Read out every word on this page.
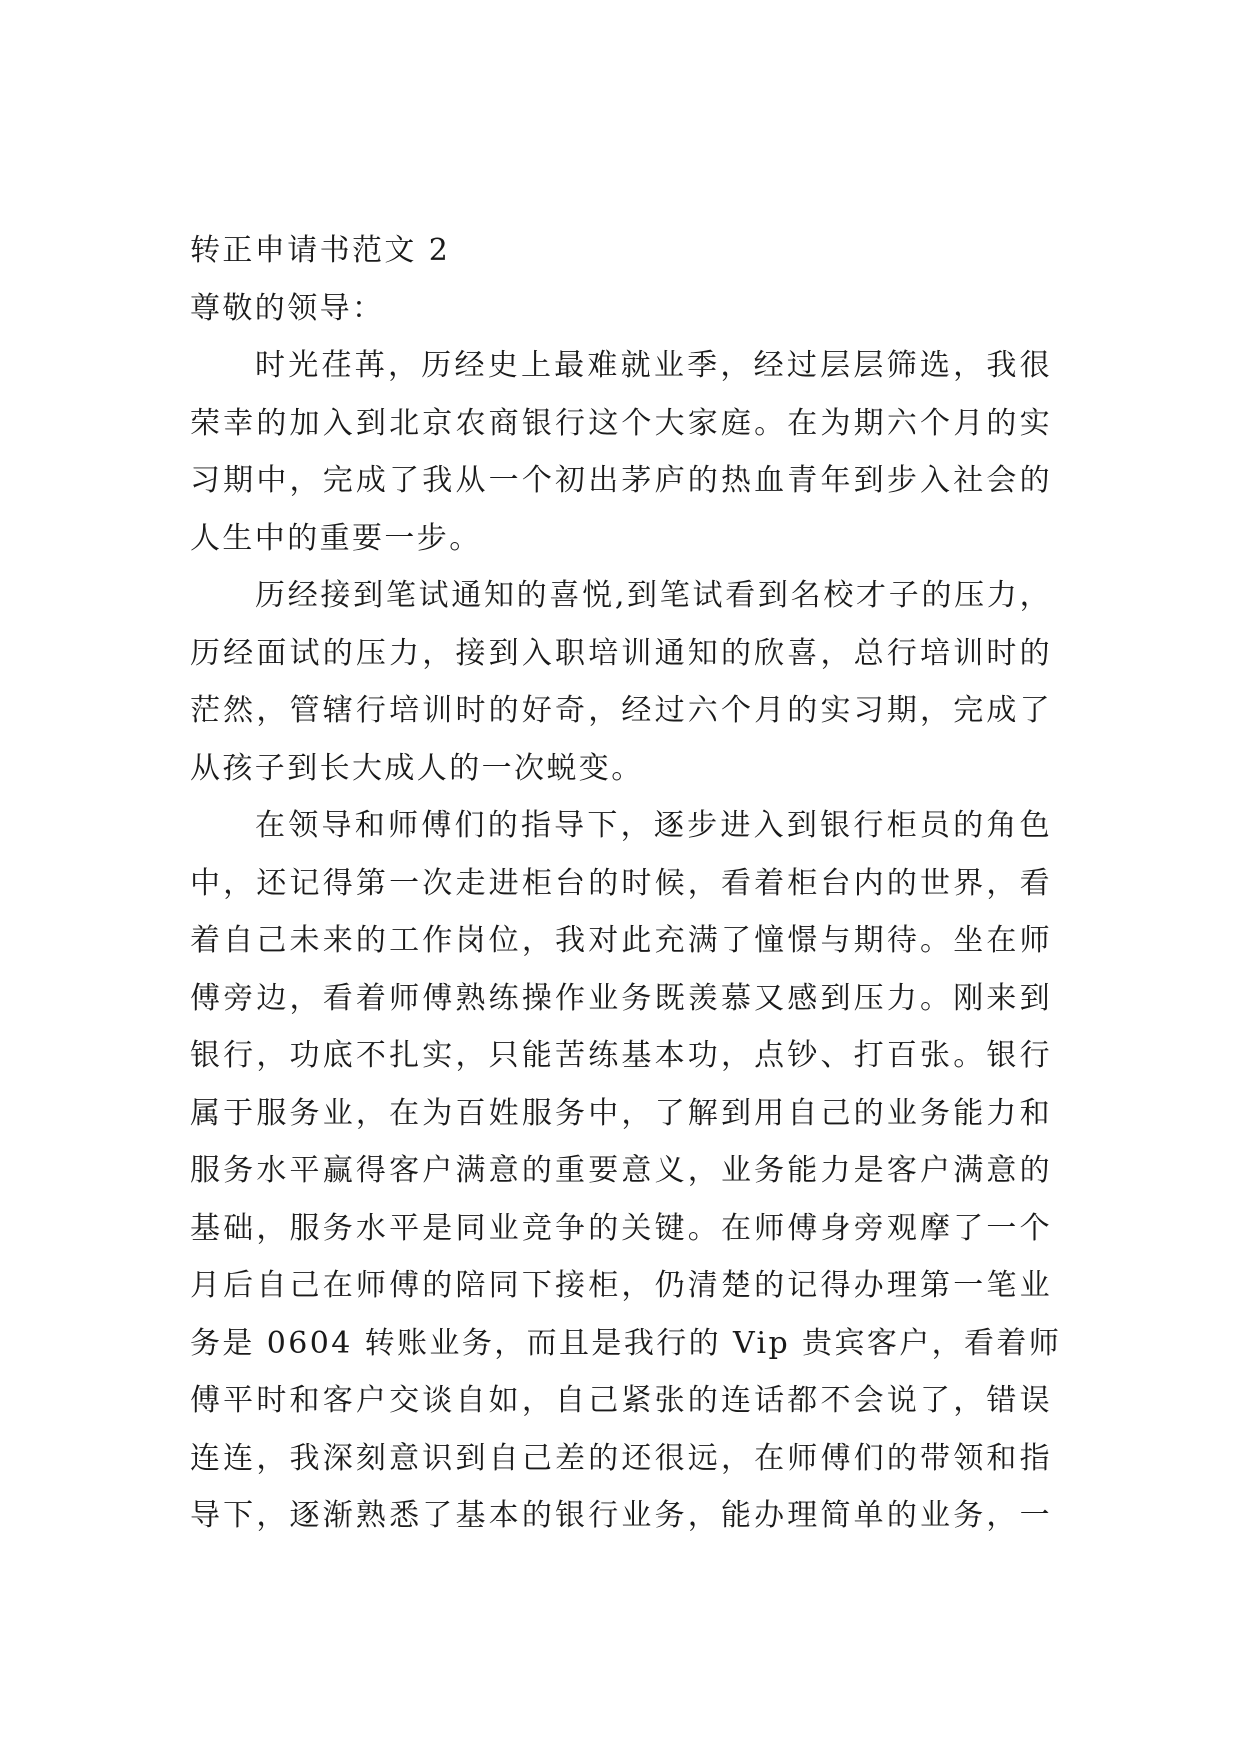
转正申请书范文 2
尊敬的领导：
时光荏苒，历经史上最难就业季，经过层层筛选，我很
荣幸的加入到北京农商银行这个大家庭。在为期六个月的实
习期中，完成了我从一个初出茅庐的热血青年到步入社会的
人生中的重要一步。
历经接到笔试通知的喜悦,到笔试看到名校才子的压力，
历经面试的压力，接到入职培训通知的欣喜，总行培训时的
茫然，管辖行培训时的好奇，经过六个月的实习期，完成了
从孩子到长大成人的一次蜕变。
在领导和师傅们的指导下，逐步进入到银行柜员的角色
中，还记得第一次走进柜台的时候，看着柜台内的世界，看
着自己未来的工作岗位，我对此充满了憧憬与期待。坐在师
傅旁边，看着师傅熟练操作业务既羡慕又感到压力。刚来到
银行，功底不扎实，只能苦练基本功，点钞、打百张。银行
属于服务业，在为百姓服务中，了解到用自己的业务能力和
服务水平赢得客户满意的重要意义，业务能力是客户满意的
基础，服务水平是同业竞争的关键。在师傅身旁观摩了一个
月后自己在师傅的陪同下接柜，仍清楚的记得办理第一笔业
务是 0604 转账业务，而且是我行的 Vip 贵宾客户，看着师
傅平时和客户交谈自如，自己紧张的连话都不会说了，错误
连连，我深刻意识到自己差的还很远，在师傅们的带领和指
导下，逐渐熟悉了基本的银行业务，能办理简单的业务，一
